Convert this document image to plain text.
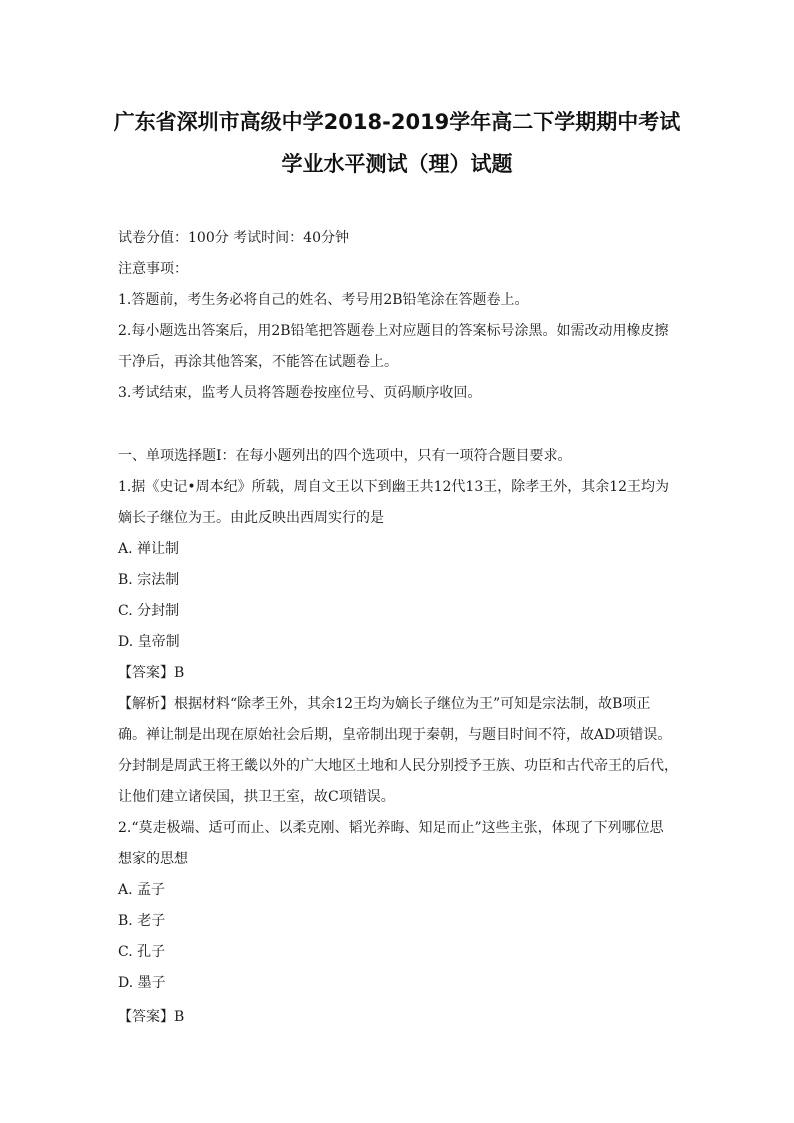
广东省深圳市高级中学2018-2019学年高二下学期期中考试
学业水平测试（理）试题
试卷分值：100分 考试时间：40分钟
注意事项：
1.答题前，考生务必将自己的姓名、考号用2B铅笔涂在答题卷上。
2.每小题选出答案后，用2B铅笔把答题卷上对应题目的答案标号涂黑。如需改动用橡皮擦
干净后，再涂其他答案，不能答在试题卷上。
3.考试结束，监考人员将答题卷按座位号、页码顺序收回。
一、单项选择题Ⅰ：在每小题列出的四个选项中，只有一项符合题目要求。
1.据《史记•周本纪》所载，周自文王以下到幽王共12代13王，除孝王外，其余12王均为
嫡长子继位为王。由此反映出西周实行的是
A. 禅让制
B. 宗法制
C. 分封制
D. 皇帝制
【答案】B
【解析】根据材料“除孝王外，其余12王均为嫡长子继位为王”可知是宗法制，故B项正
确。禅让制是出现在原始社会后期，皇帝制出现于秦朝，与题目时间不符，故AD项错误。
分封制是周武王将王畿以外的广大地区土地和人民分别授予王族、功臣和古代帝王的后代，
让他们建立诸侯国，拱卫王室，故C项错误。
2.“莫走极端、适可而止、以柔克刚、韬光养晦、知足而止”这些主张，体现了下列哪位思
想家的思想
A. 孟子
B. 老子
C. 孔子
D. 墨子
【答案】B
